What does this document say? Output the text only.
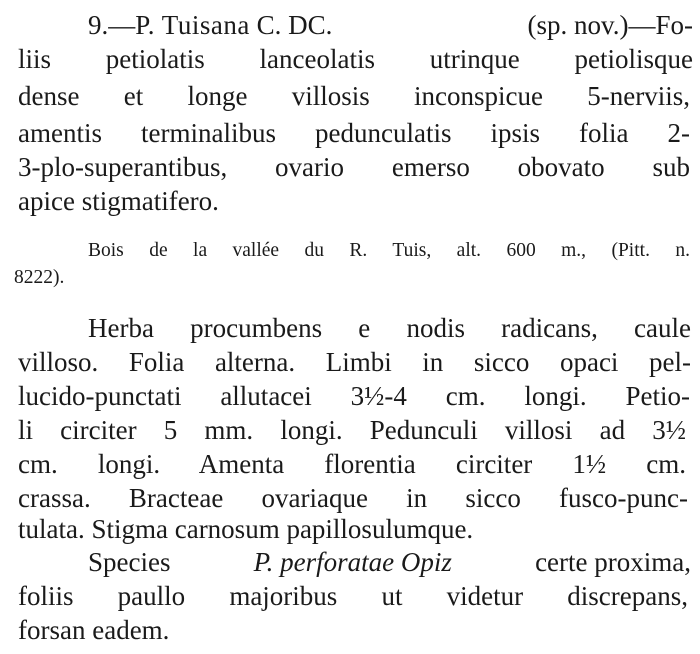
9.—P. Tuisana C. DC.	(sp. nov.)—Fo-
liis petiolatis lanceolatis utrinque petiolisque
dense et longe villosis inconspicue 5-nerviis,
amentis terminalibus pedunculatis ipsis folia 2-
3-plo-superantibus, ovario emerso obovato sub
apice stigmatifero.
Bois de la vallée du R. Tuis, alt. 600 m., (Pitt. n.
8222).
Herba procumbens e nodis radicans, caule
villoso. Folia alterna. Limbi in sicco opaci pel-
lucido-punctati allutacei 3½-4 cm. longi. Petio-
li circiter 5 mm. longi. Pedunculi villosi ad 3½
cm. longi. Amenta florentia circiter 1½ cm.
crassa. Bracteae ovariaque in sicco fusco-punc-
tulata. Stigma carnosum papillosulumque.
Species	P. perforatae Opiz	certe proxima,
foliis paullo majoribus ut videtur discrepans,
forsan eadem.
